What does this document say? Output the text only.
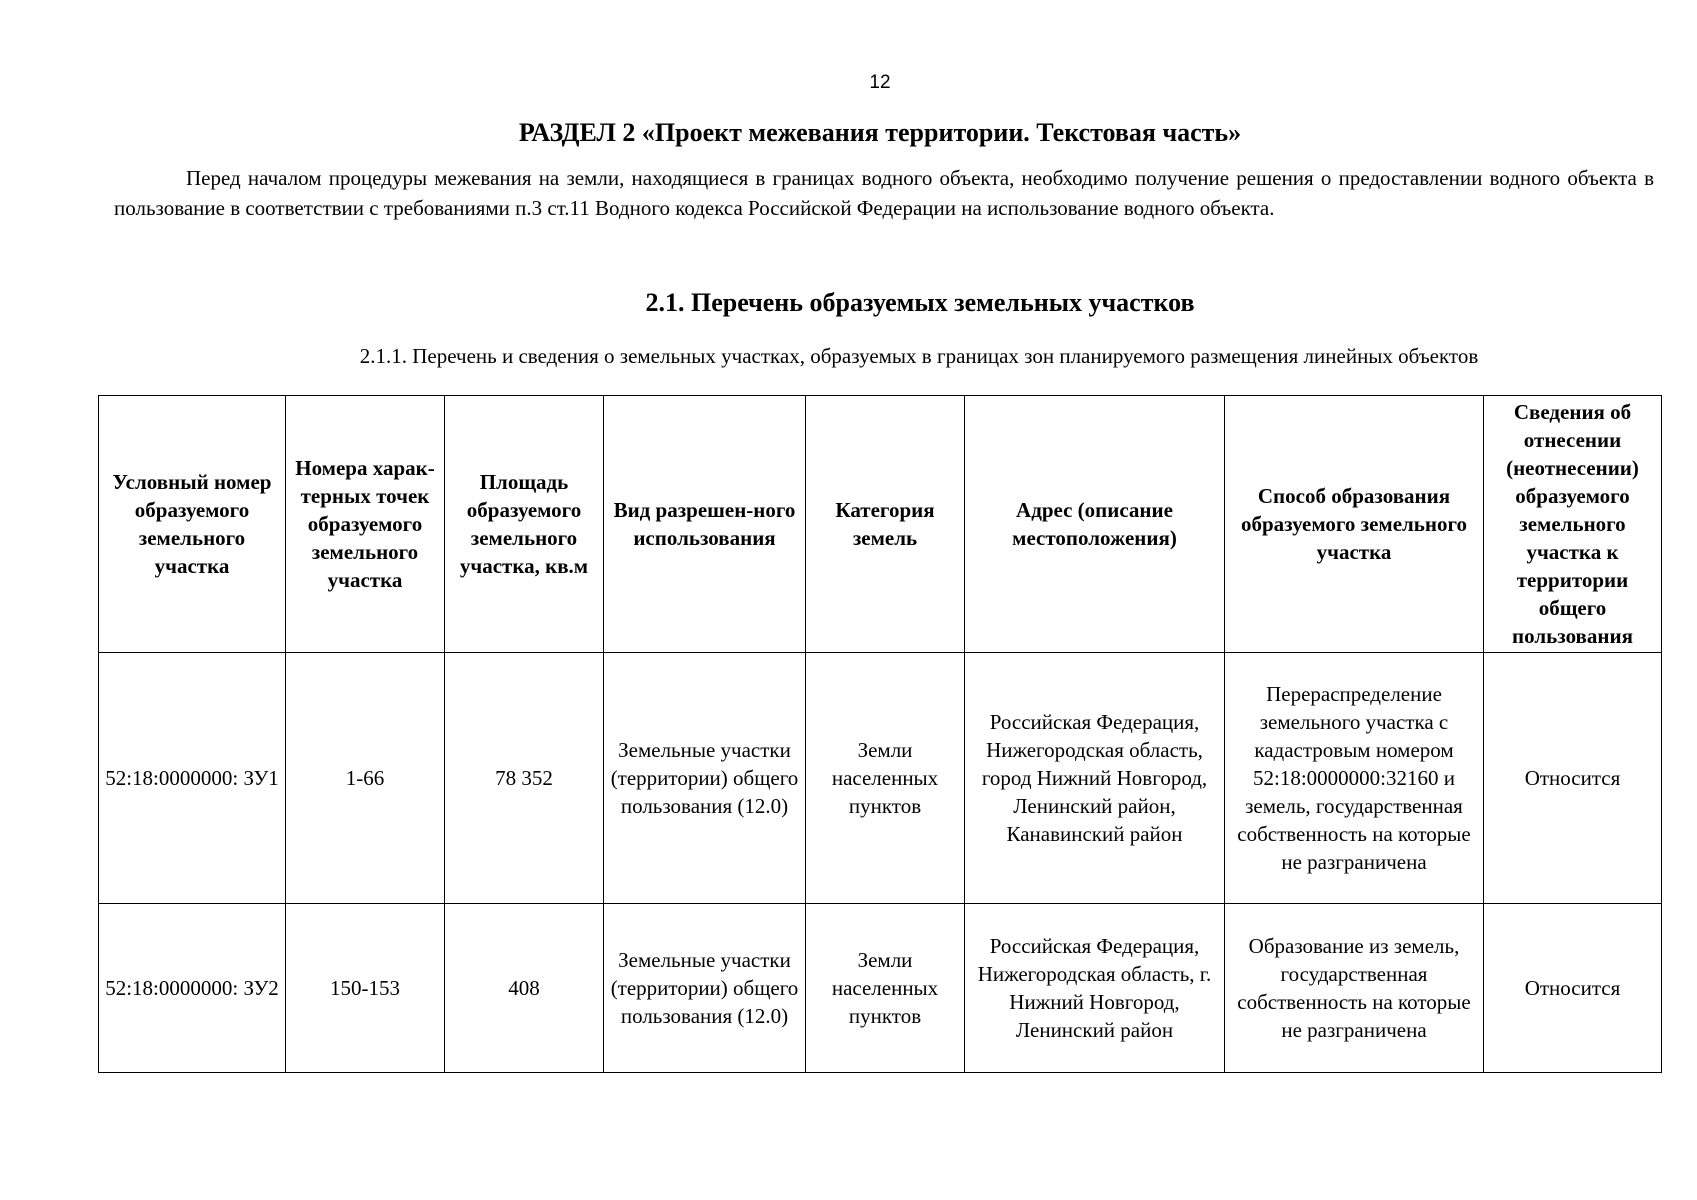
12
РАЗДЕЛ 2 «Проект межевания территории. Текстовая часть»

Перед началом процедуры межевания на земли, находящиеся в границах водного объекта, необходимо получение решения о предоставлении водного объекта в пользование в соответствии с требованиями п.3 ст.11 Водного кодекса Российской Федерации на использование водного объекта.

2.1. Перечень образуемых земельных участков
2.1.1. Перечень и сведения о земельных участках, образуемых в границах зон планируемого размещения линейных объектов
Условный номер образуемого земельного участка	Номера харак-терных точек образуемого земельного участка	Площадь образуемого земельного участка, кв.м	Вид разрешен-ного использования	Категория земель	Адрес (описание местоположения)	Способ образования образуемого земельного участка	Сведения об отнесении (неотнесении) образуемого земельного участка к территории общего пользования
52:18:0000000: ЗУ1	1-66	78 352	Земельные участки (территории) общего пользования (12.0)	Земли населенных пунктов	Российская Федерация, Нижегородская область, город Нижний Новгород, Ленинский район, Канавинский район	Перераспределение земельного участка с кадастровым номером 52:18:0000000:32160 и земель, государственная собственность на которые не разграничена	Относится
52:18:0000000: ЗУ2	150-153	408	Земельные участки (территории) общего пользования (12.0)	Земли населенных пунктов	Российская Федерация, Нижегородская область, г. Нижний Новгород, Ленинский район	Образование из земель, государственная собственность на которые не разграничена	Относится
